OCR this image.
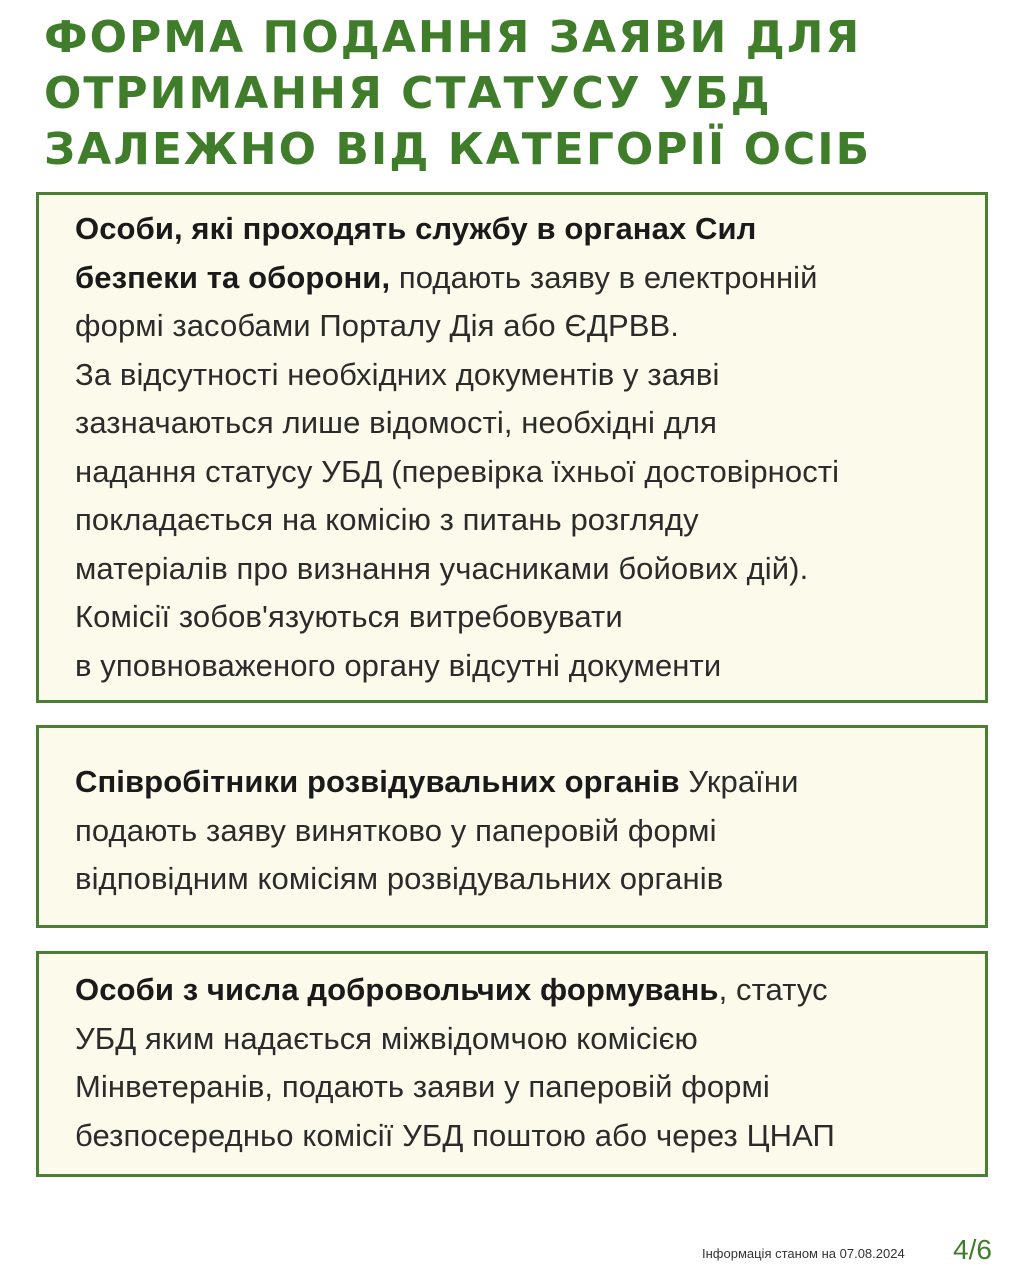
ФОРМА ПОДАННЯ ЗАЯВИ ДЛЯ
ОТРИМАННЯ СТАТУСУ УБД
ЗАЛЕЖНО ВІД КАТЕГОРІЇ ОСІБ

Особи, які проходять службу в органах Сил
безпеки та оборони, подають заяву в електронній
формі засобами Порталу Дія або ЄДРВВ.
За відсутності необхідних документів у заяві
зазначаються лише відомості, необхідні для
надання статусу УБД (перевірка їхньої достовірності
покладається на комісію з питань розгляду
матеріалів про визнання учасниками бойових дій).
Комісії зобов'язуються витребовувати
в уповноваженого органу відсутні документи

Співробітники розвідувальних органів України
подають заяву винятково у паперовій формі
відповідним комісіям розвідувальних органів

Особи з числа добровольчих формувань, статус
УБД яким надається міжвідомчою комісією
Мінветеранів, подають заяви у паперовій формі
безпосередньо комісії УБД поштою або через ЦНАП

Інформація станом на 07.08.2024 4/6
